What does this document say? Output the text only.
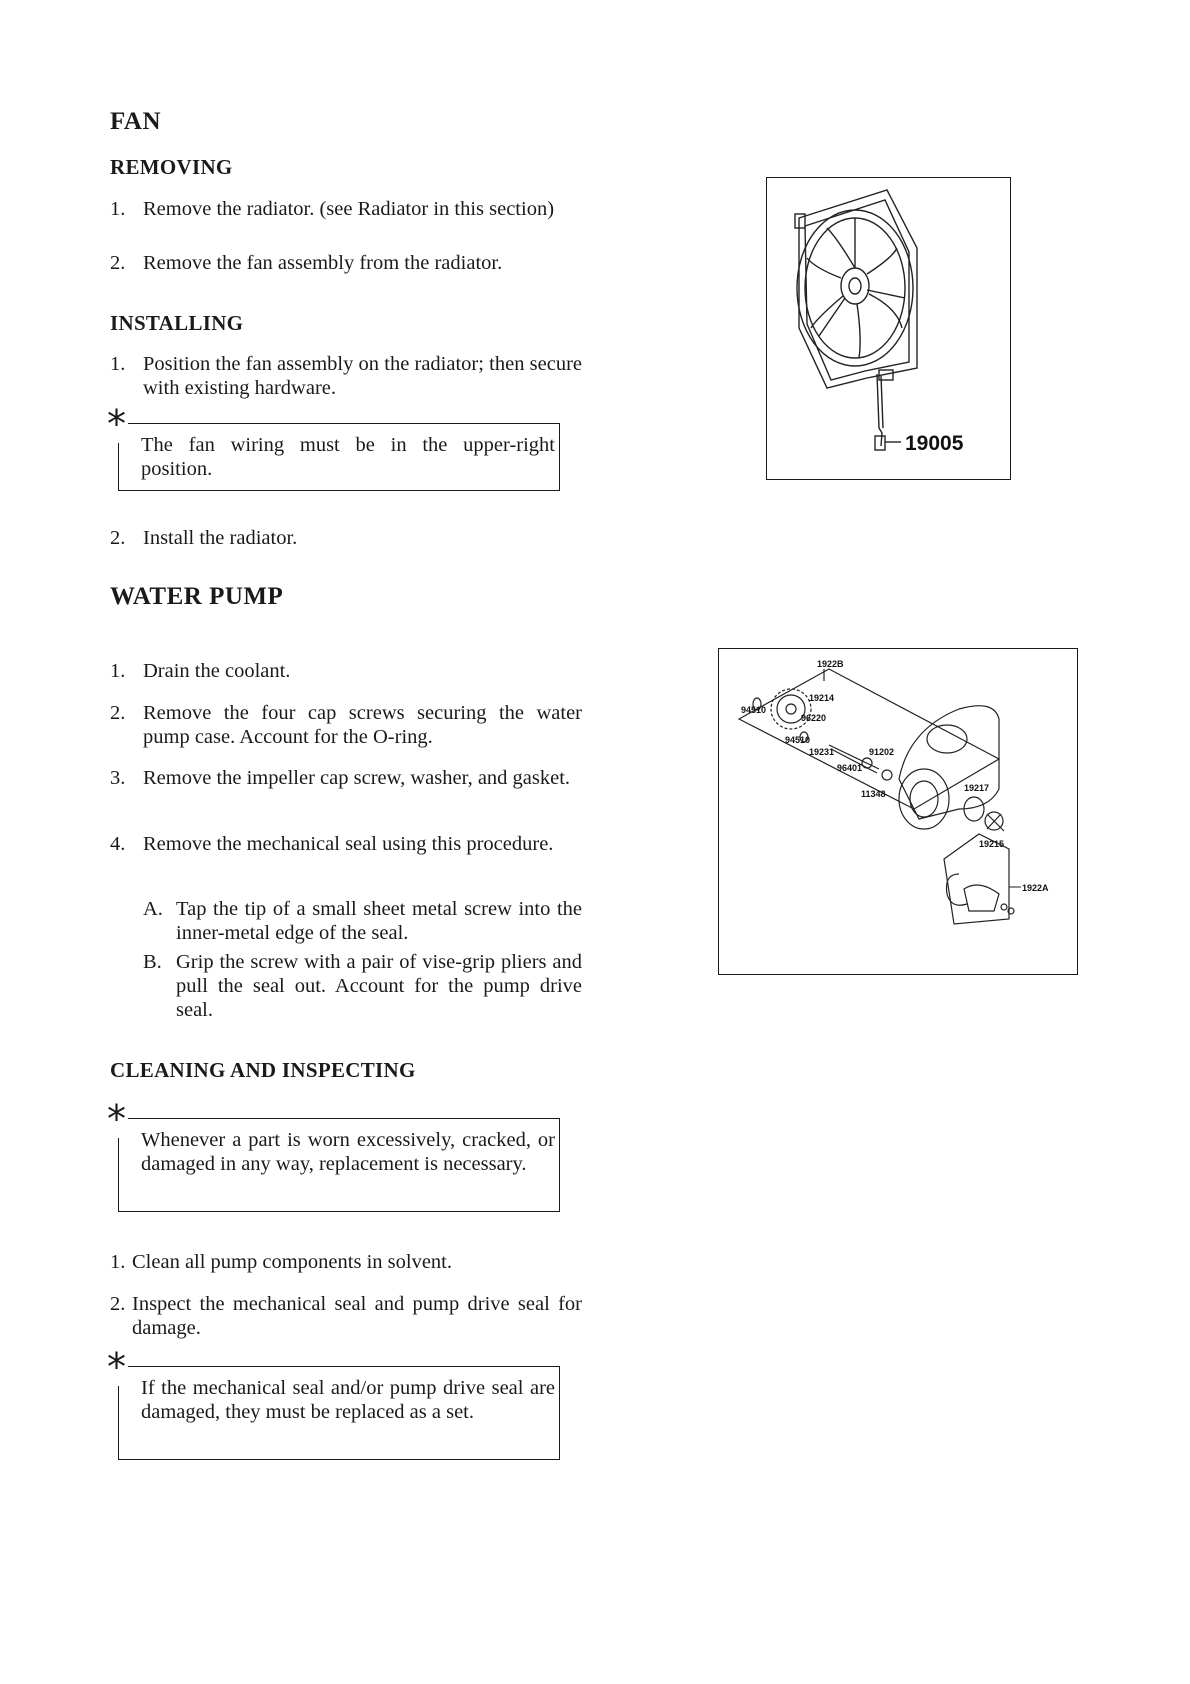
FAN
REMOVING
1. Remove the radiator. (see Radiator in this section)
2. Remove the fan assembly from the radiator.
INSTALLING
1. Position the fan assembly on the radiator; then secure with existing hardware.
* The fan wiring must be in the upper-right position.
2. Install the radiator.
19005
WATER PUMP
1. Drain the coolant.
2. Remove the four cap screws securing the water pump case. Account for the O-ring.
3. Remove the impeller cap screw, washer, and gasket.
4. Remove the mechanical seal using this procedure.
A. Tap the tip of a small sheet metal screw into the inner-metal edge of the seal.
B. Grip the screw with a pair of vise-grip pliers and pull the seal out. Account for the pump drive seal.
1922B
19214
94510
96220
94510
19231	91202
96401
11348
19217
19215
1922A
CLEANING AND INSPECTING
* Whenever a part is worn excessively, cracked, or damaged in any way, replacement is necessary.
1. Clean all pump components in solvent.
2. Inspect the mechanical seal and pump drive seal for damage.
* If the mechanical seal and/or pump drive seal are damaged, they must be replaced as a set.
